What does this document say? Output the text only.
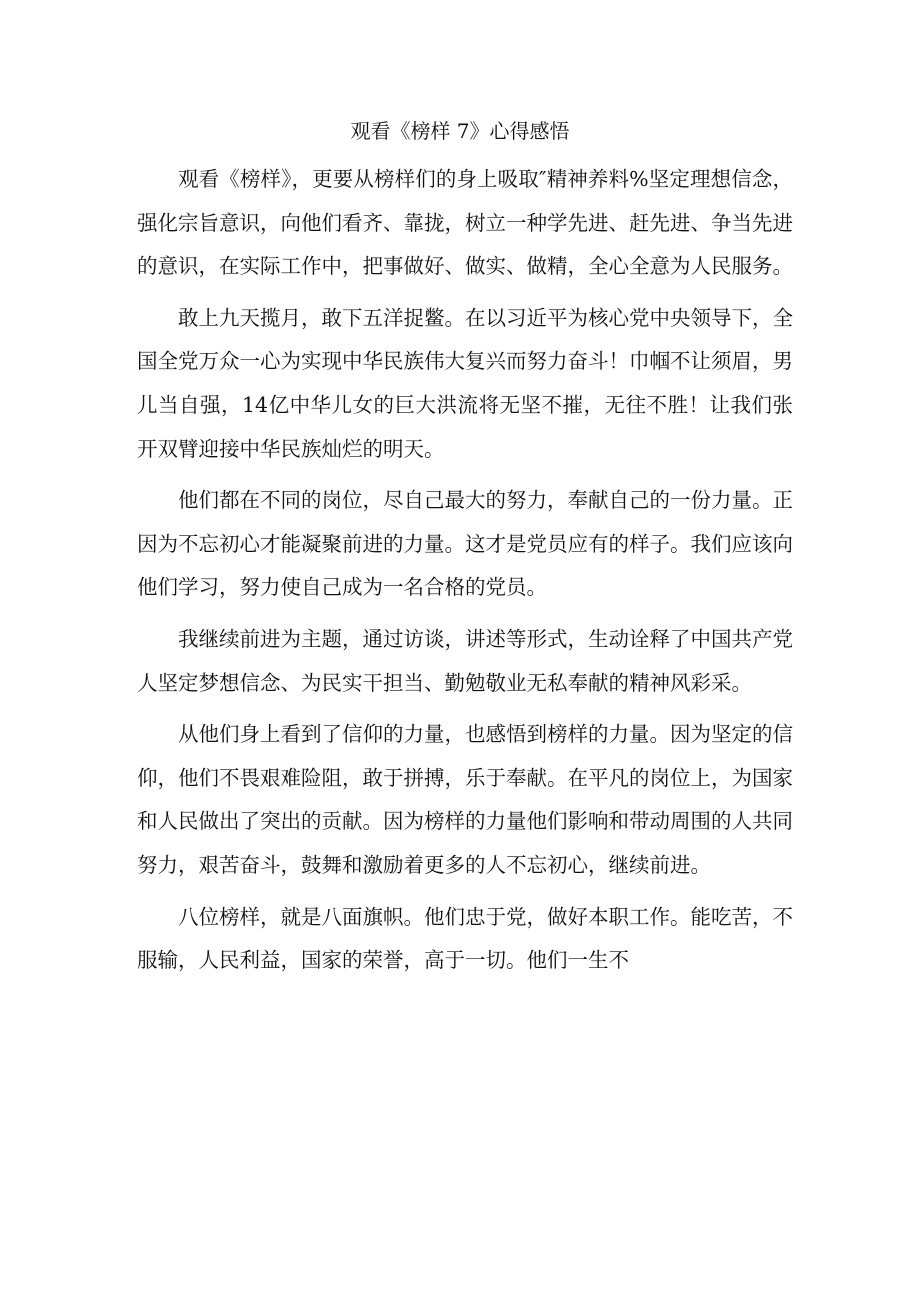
观看《榜样 7》心得感悟

观看《榜样》，更要从榜样们的身上吸取″精神养料%坚定理想信念，强化宗旨意识，向他们看齐、靠拢，树立一种学先进、赶先进、争当先进的意识，在实际工作中，把事做好、做实、做精，全心全意为人民服务。

敢上九天揽月，敢下五洋捉鳖。在以习近平为核心党中央领导下，全国全党万众一心为实现中华民族伟大复兴而努力奋斗！巾帼不让须眉，男儿当自强，14亿中华儿女的巨大洪流将无坚不摧，无往不胜！让我们张开双臂迎接中华民族灿烂的明天。

他们都在不同的岗位，尽自己最大的努力，奉献自己的一份力量。正因为不忘初心才能凝聚前进的力量。这才是党员应有的样子。我们应该向他们学习，努力使自己成为一名合格的党员。

我继续前进为主题，通过访谈，讲述等形式，生动诠释了中国共产党人坚定梦想信念、为民实干担当、勤勉敬业无私奉献的精神风彩采。

从他们身上看到了信仰的力量，也感悟到榜样的力量。因为坚定的信仰，他们不畏艰难险阻，敢于拼搏，乐于奉献。在平凡的岗位上，为国家和人民做出了突出的贡献。因为榜样的力量他们影响和带动周围的人共同努力，艰苦奋斗，鼓舞和激励着更多的人不忘初心，继续前进。

八位榜样，就是八面旗帜。他们忠于党，做好本职工作。能吃苦，不服输，人民利益，国家的荣誉，高于一切。他们一生不
